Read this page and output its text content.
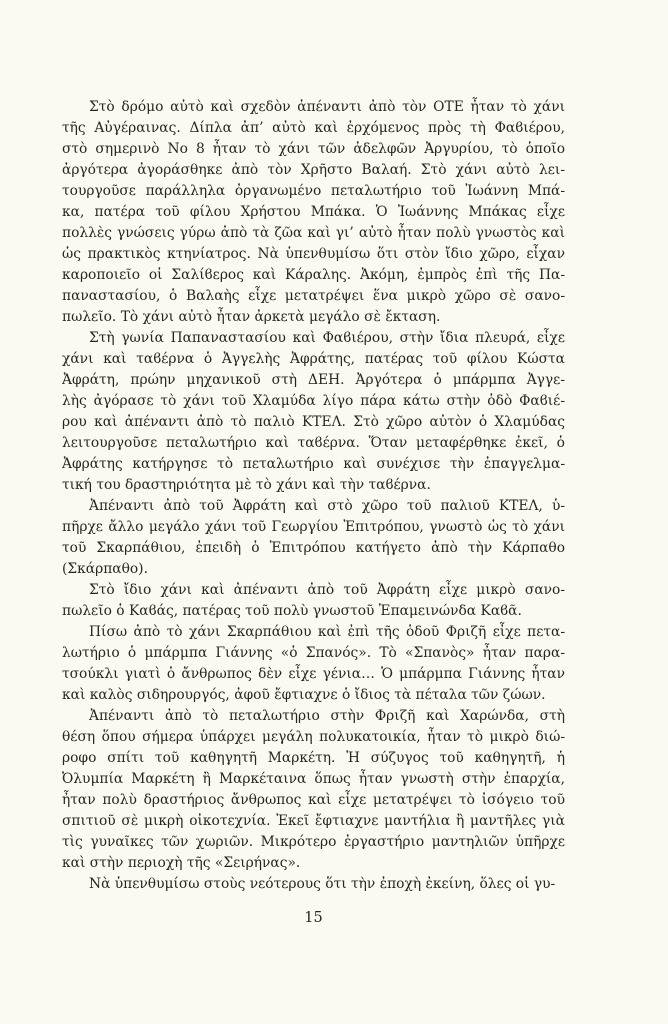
Στὸ δρόμο αὐτὸ καὶ σχεδὸν ἀπέναντι ἀπὸ τὸν ΟΤΕ ἦταν τὸ χάνι
τῆς Αὐγέραινας. Δίπλα ἀπ’ αὐτὸ καὶ ἐρχόμενος πρὸς τὴ Φαϐιέρου,
στὸ σημερινὸ Νο 8 ἦταν τὸ χάνι τῶν ἀδελφῶν Ἀργυρίου, τὸ ὁποῖο
ἀργότερα ἀγοράσθηκε ἀπὸ τὸν Χρῆστο Βαλαή. Στὸ χάνι αὐτὸ λει-
τουργοῦσε παράλληλα ὀργανωμένο πεταλωτήριο τοῦ Ἰωάννη Μπά-
κα, πατέρα τοῦ φίλου Χρήστου Μπάκα. Ὁ Ἰωάννης Μπάκας εἶχε
πολλὲς γνώσεις γύρω ἀπὸ τὰ ζῶα καὶ γι’ αὐτὸ ἦταν πολὺ γνωστὸς καὶ
ὡς πρακτικὸς κτηνίατρος. Νὰ ὑπενθυμίσω ὅτι στὸν ἴδιο χῶρο, εἶχαν
καροποιεῖο οἱ Σαλίϐερος καὶ Κάραλης. Ἀκόμη, ἐμπρὸς ἐπὶ τῆς Πα-
παναστασίου, ὁ Βαλαὴς εἶχε μετατρέψει ἕνα μικρὸ χῶρο σὲ σανο-
πωλεῖο. Τὸ χάνι αὐτὸ ἦταν ἀρκετὰ μεγάλο σὲ ἔκταση.

Στὴ γωνία Παπαναστασίου καὶ Φαϐιέρου, στὴν ἴδια πλευρά, εἶχε
χάνι καὶ ταϐέρνα ὁ Ἀγγελὴς Ἀφράτης, πατέρας τοῦ φίλου Κώστα
Ἀφράτη, πρώην μηχανικοῦ στὴ ΔΕΗ. Ἀργότερα ὁ μπάρμπα Ἀγγε-
λὴς ἀγόρασε τὸ χάνι τοῦ Χλαμύδα λίγο πάρα κάτω στὴν ὁδὸ Φαϐιέ-
ρου καὶ ἀπέναντι ἀπὸ τὸ παλιὸ ΚΤΕΛ. Στὸ χῶρο αὐτὸν ὁ Χλαμύδας
λειτουργοῦσε πεταλωτήριο καὶ ταϐέρνα. Ὅταν μεταφέρθηκε ἐκεῖ, ὁ
Ἀφράτης κατήργησε τὸ πεταλωτήριο καὶ συνέχισε τὴν ἐπαγγελμα-
τική του δραστηριότητα μὲ τὸ χάνι καὶ τὴν ταϐέρνα.

Ἀπέναντι ἀπὸ τοῦ Ἀφράτη καὶ στὸ χῶρο τοῦ παλιοῦ ΚΤΕΛ, ὑ-
πῆρχε ἄλλο μεγάλο χάνι τοῦ Γεωργίου Ἐπιτρόπου, γνωστὸ ὡς τὸ χάνι
τοῦ Σκαρπάθιου, ἐπειδὴ ὁ Ἐπιτρόπου κατήγετο ἀπὸ τὴν Κάρπαθο
(Σκάρπαθο).

Στὸ ἴδιο χάνι καὶ ἀπέναντι ἀπὸ τοῦ Ἀφράτη εἶχε μικρὸ σανο-
πωλεῖο ὁ Καϐάς, πατέρας τοῦ πολὺ γνωστοῦ Ἐπαμεινώνδα Καϐᾶ.

Πίσω ἀπὸ τὸ χάνι Σκαρπάθιου καὶ ἐπὶ τῆς ὁδοῦ Φριζῆ εἶχε πετα-
λωτήριο ὁ μπάρμπα Γιάννης «ὁ Σπανός». Τὸ «Σπανὸς» ἦταν παρα-
τσούκλι γιατὶ ὁ ἄνθρωπος δὲν εἶχε γένια… Ὁ μπάρμπα Γιάννης ἦταν
καὶ καλὸς σιδηρουργός, ἀφοῦ ἔφτιαχνε ὁ ἴδιος τὰ πέταλα τῶν ζώων.

Ἀπέναντι ἀπὸ τὸ πεταλωτήριο στὴν Φριζῆ καὶ Χαρώνδα, στὴ
θέση ὅπου σήμερα ὑπάρχει μεγάλη πολυκατοικία, ἦταν τὸ μικρὸ διώ-
ροφο σπίτι τοῦ καθηγητῆ Μαρκέτη. Ἡ σύζυγος τοῦ καθηγητῆ, ἡ
Ὀλυμπία Μαρκέτη ἢ Μαρκέταινα ὅπως ἦταν γνωστὴ στὴν ἐπαρχία,
ἦταν πολὺ δραστήριος ἄνθρωπος καὶ εἶχε μετατρέψει τὸ ἰσόγειο τοῦ
σπιτιοῦ σὲ μικρὴ οἰκοτεχνία. Ἐκεῖ ἔφτιαχνε μαντήλια ἢ μαντῆλες γιὰ
τὶς γυναῖκες τῶν χωριῶν. Μικρότερο ἐργαστήριο μαντηλιῶν ὑπῆρχε
καὶ στὴν περιοχὴ τῆς «Σειρήνας».

Νὰ ὑπενθυμίσω στοὺς νεότερους ὅτι τὴν ἐποχὴ ἐκείνη, ὅλες οἱ γυ-

15
